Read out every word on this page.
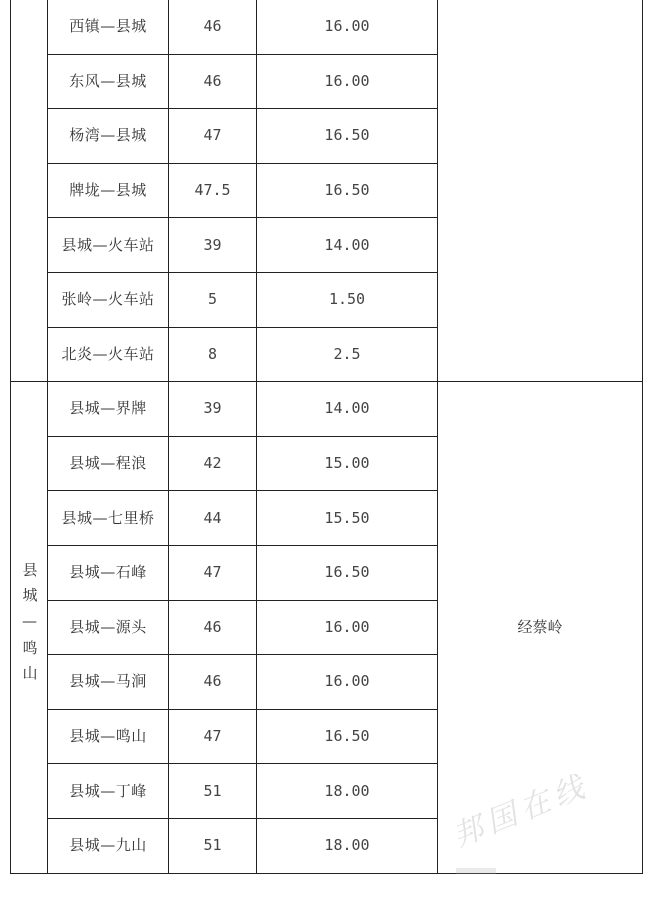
	西镇—县城	46	16.00	
	东风—县城	46	16.00	
	杨湾—县城	47	16.50	
	牌垅—县城	47.5	16.50	
	县城—火车站	39	14.00	
	张岭—火车站	5	1.50	
	北炎—火车站	8	2.5	
县城—鸣山	县城—界牌	39	14.00	经蔡岭
	县城—程浪	42	15.00	
	县城—七里桥	44	15.50	
	县城—石峰	47	16.50	
	县城—源头	46	16.00	
	县城—马涧	46	16.00	
	县城—鸣山	47	16.50	
	县城—丁峰	51	18.00	
	县城—九山	51	18.00		邦国在线
